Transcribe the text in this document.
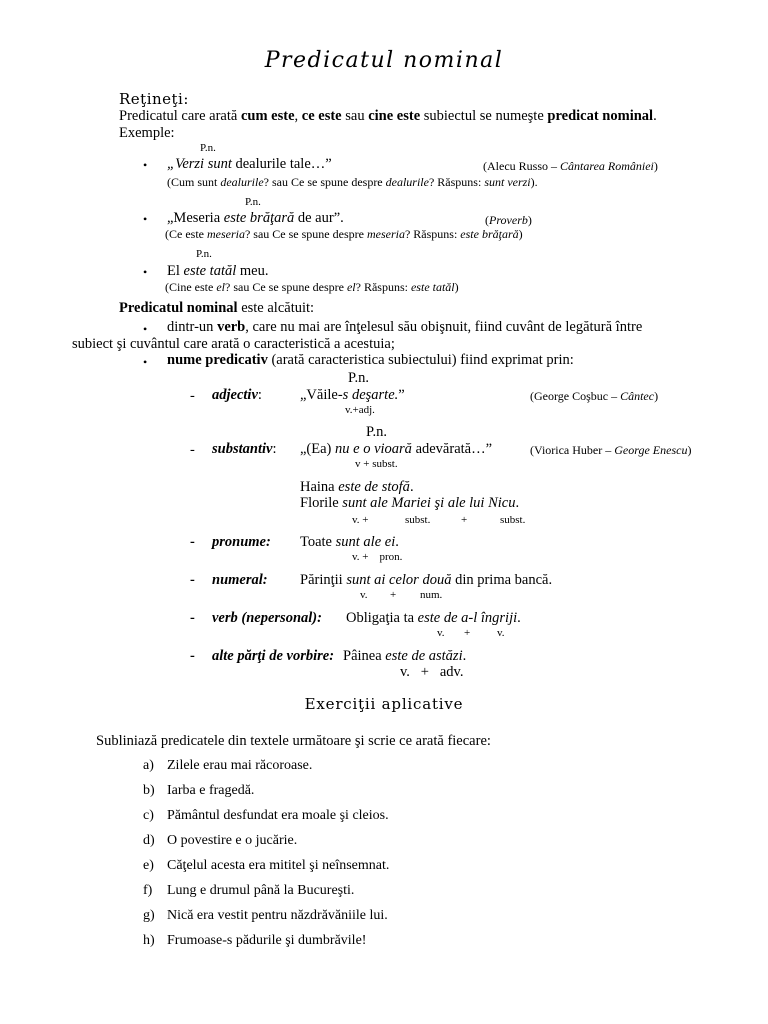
Predicatul nominal
Reţineţi:
Predicatul care arată cum este, ce este sau cine este subiectul se numeşte predicat nominal.
Exemple:
P.n.
• „Verzi sunt dealurile tale…”	(Alecu Russo – Cântarea României)
(Cum sunt dealurile? sau Ce se spune despre dealurile? Răspuns: sunt verzi).
P.n.
• „Meseria este brăţară de aur”.	(Proverb)
(Ce este meseria? sau Ce se spune despre meseria? Răspuns: este brăţară)
P.n.
• El este tatăl meu.
(Cine este el? sau Ce se spune despre el? Răspuns: este tatăl)
Predicatul nominal este alcătuit:
• dintr-un verb, care nu mai are înţelesul său obişnuit, fiind cuvânt de legătură între
subiect şi cuvântul care arată o caracteristică a acestuia;
• nume predicativ (arată caracteristica subiectului) fiind exprimat prin:
P.n.
- adjectiv:	„Văile-s deşarte.”	(George Coşbuc – Cântec)
v.+adj.
P.n.
- substantiv: „(Ea) nu e o vioară adevărată…”	(Viorica Huber – George Enescu)
v + subst.
Haina este de stofă.
Florile sunt ale Mariei şi ale lui Nicu.
v. +	subst.	+	subst.
- pronume: Toate sunt ale ei.
v. +    pron.
- numeral: Părinţii sunt ai celor două din prima bancă.
v. + num.
- verb (nepersonal): Obligaţia ta este de a-l îngriji.
v. + v.
- alte părţi de vorbire: Pâinea este de astăzi.
v.   +   adv.
Exerciţii aplicative
Subliniază predicatele din textele următoare şi scrie ce arată fiecare:
a) Zilele erau mai răcoroase.
b) Iarba e fragedă.
c) Pământul desfundat era moale şi cleios.
d) O povestire e o jucărie.
e) Căţelul acesta era mititel şi neînsemnat.
f) Lung e drumul până la Bucureşti.
g) Nică era vestit pentru năzdrăvăniile lui.
h) Frumoase-s pădurile şi dumbrăvile!
